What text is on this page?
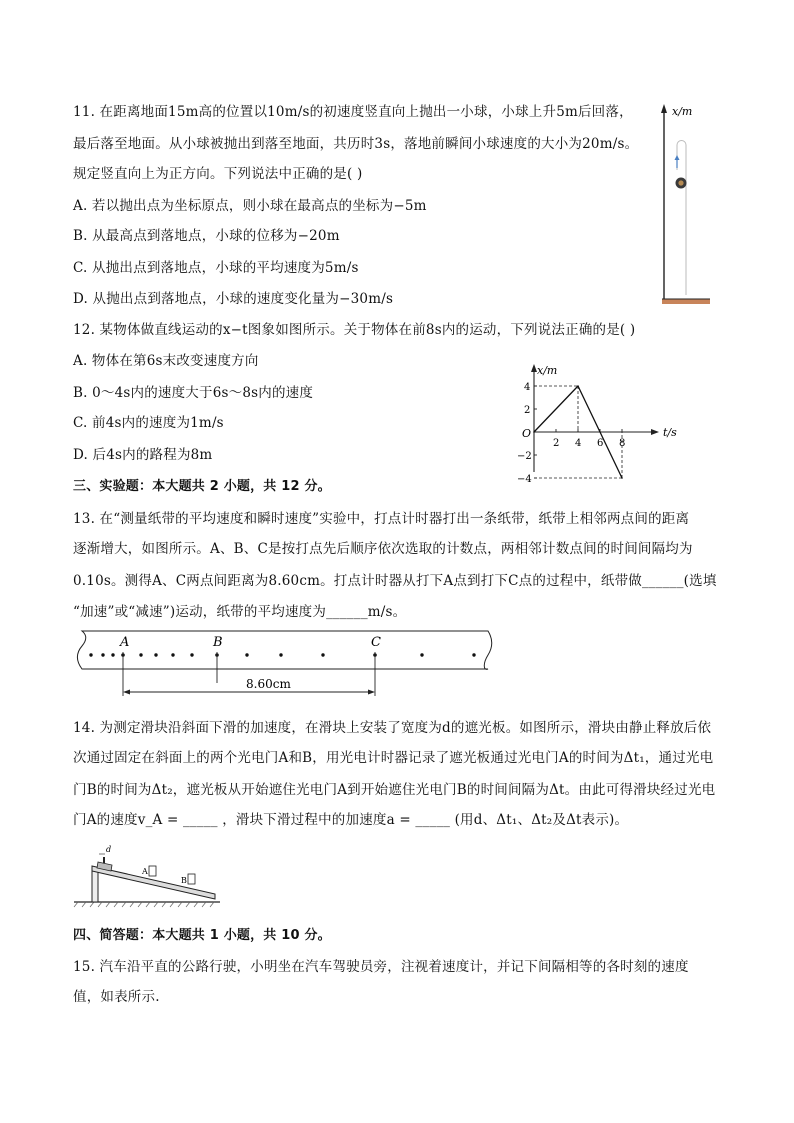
11. 在距离地面15m高的位置以10m/s的初速度竖直向上抛出一小球，小球上升5m后回落，
最后落至地面。从小球被抛出到落至地面，共历时3s，落地前瞬间小球速度的大小为20m/s。
规定竖直向上为正方向。下列说法中正确的是( )
A. 若以抛出点为坐标原点，则小球在最高点的坐标为−5m
B. 从最高点到落地点，小球的位移为−20m
C. 从抛出点到落地点，小球的平均速度为5m/s
D. 从抛出点到落地点，小球的速度变化量为−30m/s
x/m
12. 某物体做直线运动的x−t图象如图所示。关于物体在前8s内的运动，下列说法正确的是( )
A. 物体在第6s末改变速度方向
B. 0～4s内的速度大于6s～8s内的速度
C. 前4s内的速度为1m/s
D. 后4s内的路程为8m
x/m
t/s
O
2 4 6 8
4
2
−2
−4
三、实验题：本大题共 2 小题，共 12 分。
13. 在“测量纸带的平均速度和瞬时速度”实验中，打点计时器打出一条纸带，纸带上相邻两点间的距离
逐渐增大，如图所示。A、B、C是按打点先后顺序依次选取的计数点，两相邻计数点间的时间间隔均为
0.10s。测得A、C两点间距离为8.60cm。打点计时器从打下A点到打下C点的过程中，纸带做______(选填
“加速”或“减速”)运动，纸带的平均速度为______m/s。
A	B	C
8.60cm
14. 为测定滑块沿斜面下滑的加速度，在滑块上安装了宽度为d的遮光板。如图所示，滑块由静止释放后依
次通过固定在斜面上的两个光电门A和B，用光电计时器记录了遮光板通过光电门A的时间为Δt₁，通过光电
门B的时间为Δt₂，遮光板从开始遮住光电门A到开始遮住光电门B的时间间隔为Δt。由此可得滑块经过光电
门A的速度v_A = _____ ，滑块下滑过程中的加速度a = _____ (用d、Δt₁、Δt₂及Δt表示)。
d
A
B
四、简答题：本大题共 1 小题，共 10 分。
15. 汽车沿平直的公路行驶，小明坐在汽车驾驶员旁，注视着速度计，并记下间隔相等的各时刻的速度
值，如表所示.
